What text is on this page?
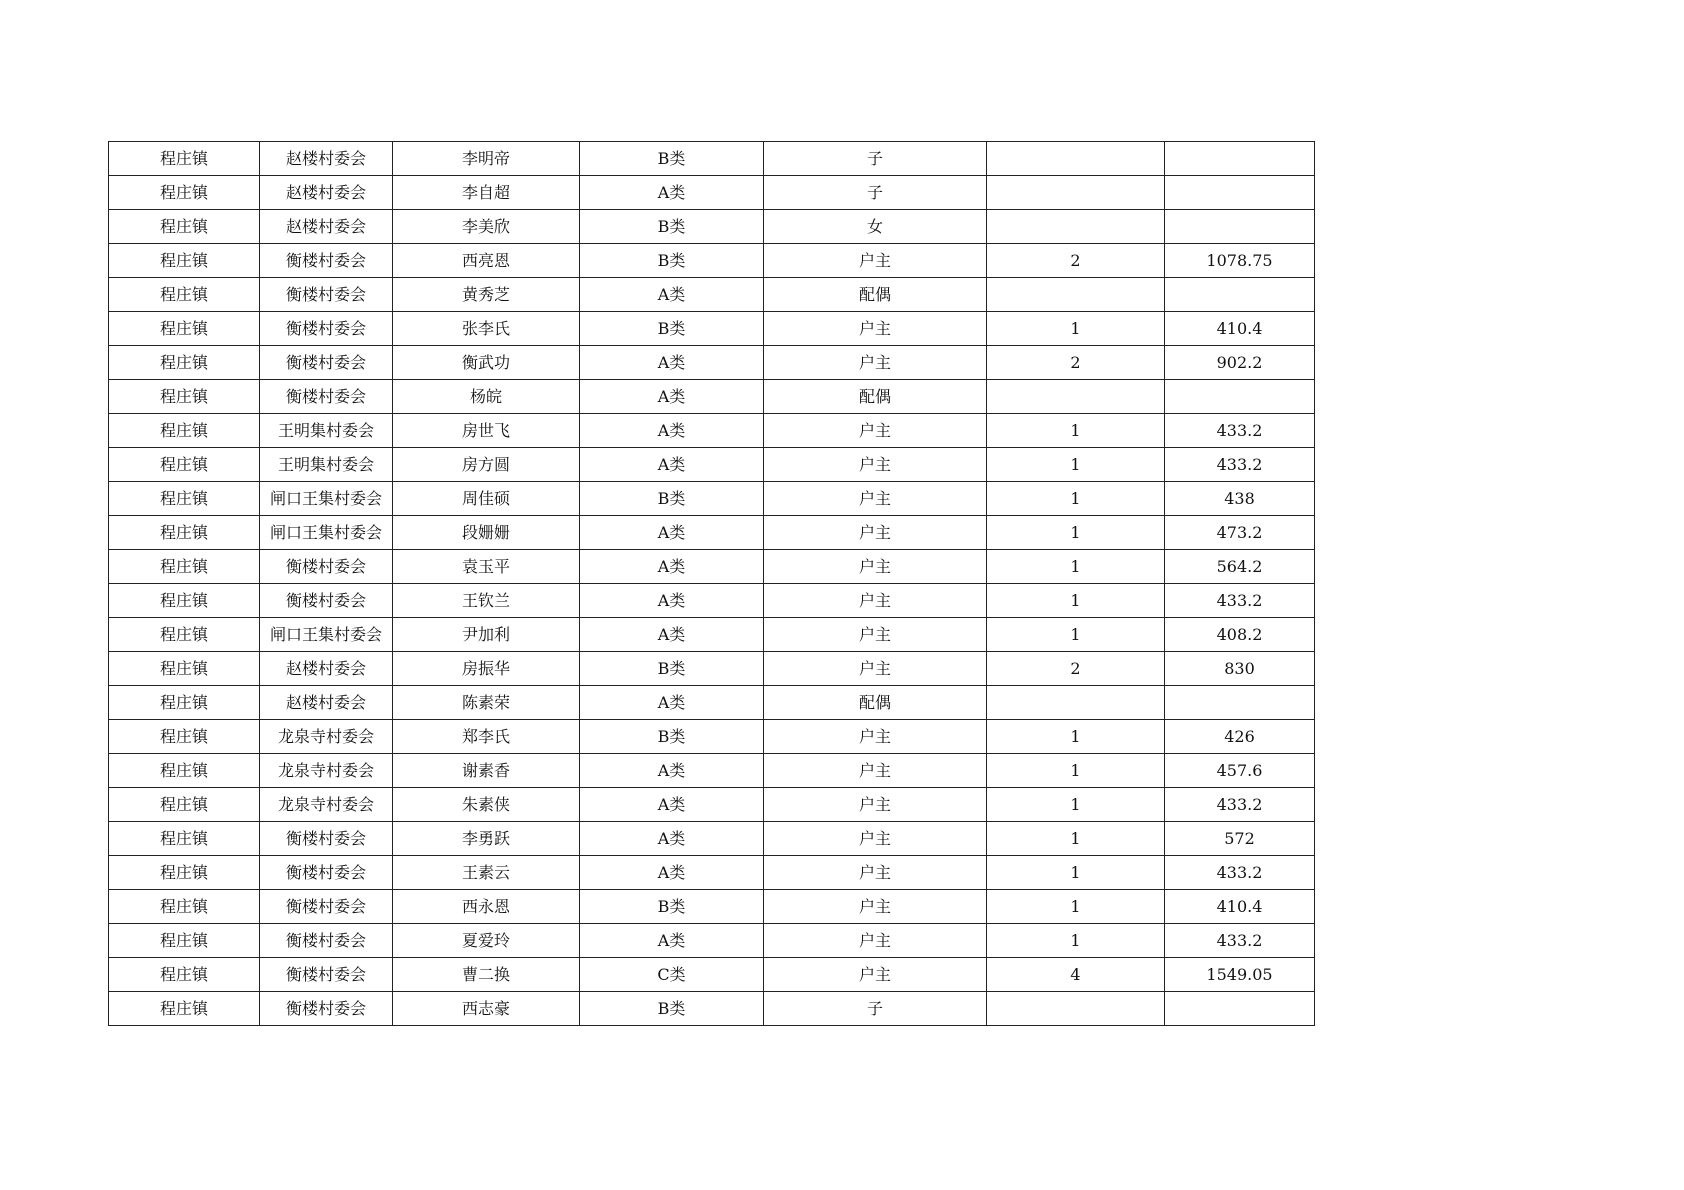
程庄镇	赵楼村委会	李明帝	B类	子		
程庄镇	赵楼村委会	李自超	A类	子		
程庄镇	赵楼村委会	李美欣	B类	女		
程庄镇	衡楼村委会	西亮恩	B类	户主	2	1078.75
程庄镇	衡楼村委会	黄秀芝	A类	配偶		
程庄镇	衡楼村委会	张李氏	B类	户主	1	410.4
程庄镇	衡楼村委会	衡武功	A类	户主	2	902.2
程庄镇	衡楼村委会	杨皖	A类	配偶		
程庄镇	王明集村委会	房世飞	A类	户主	1	433.2
程庄镇	王明集村委会	房方圆	A类	户主	1	433.2
程庄镇	闸口王集村委会	周佳硕	B类	户主	1	438
程庄镇	闸口王集村委会	段姗姗	A类	户主	1	473.2
程庄镇	衡楼村委会	袁玉平	A类	户主	1	564.2
程庄镇	衡楼村委会	王钦兰	A类	户主	1	433.2
程庄镇	闸口王集村委会	尹加利	A类	户主	1	408.2
程庄镇	赵楼村委会	房振华	B类	户主	2	830
程庄镇	赵楼村委会	陈素荣	A类	配偶		
程庄镇	龙泉寺村委会	郑李氏	B类	户主	1	426
程庄镇	龙泉寺村委会	谢素香	A类	户主	1	457.6
程庄镇	龙泉寺村委会	朱素侠	A类	户主	1	433.2
程庄镇	衡楼村委会	李勇跃	A类	户主	1	572
程庄镇	衡楼村委会	王素云	A类	户主	1	433.2
程庄镇	衡楼村委会	西永恩	B类	户主	1	410.4
程庄镇	衡楼村委会	夏爱玲	A类	户主	1	433.2
程庄镇	衡楼村委会	曹二换	C类	户主	4	1549.05
程庄镇	衡楼村委会	西志豪	B类	子		
